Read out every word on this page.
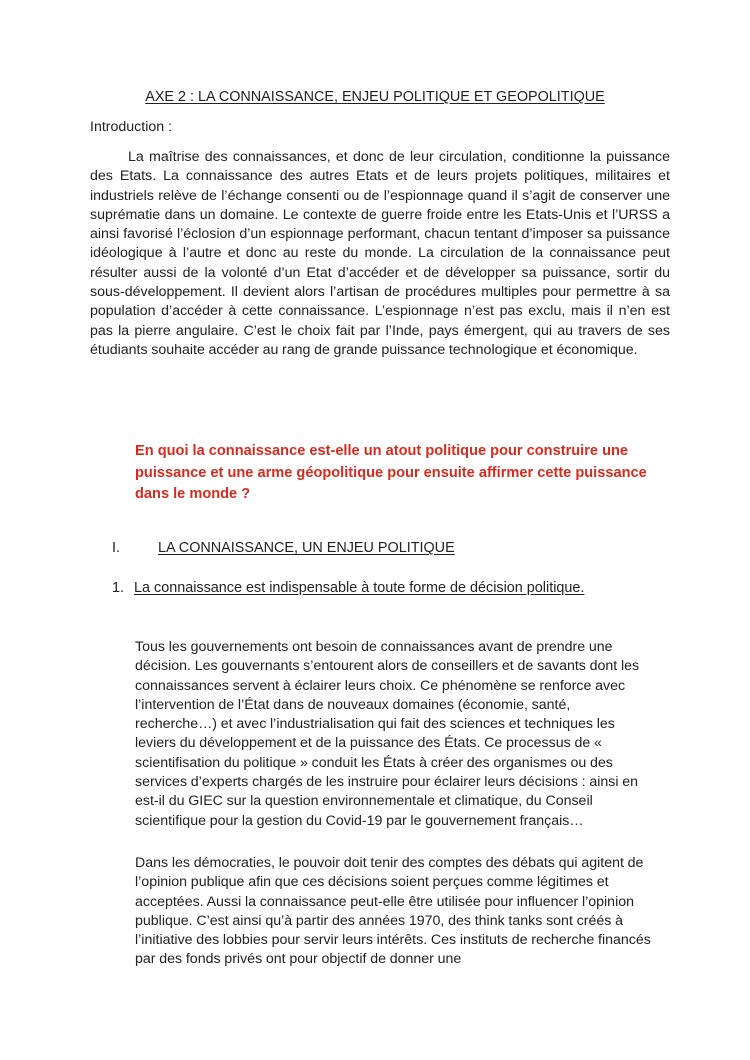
AXE 2 : LA CONNAISSANCE, ENJEU POLITIQUE ET GEOPOLITIQUE

Introduction :

La maîtrise des connaissances, et donc de leur circulation, conditionne la puissance des Etats. La connaissance des autres Etats et de leurs projets politiques, militaires et industriels relève de l’échange consenti ou de l’espionnage quand il s’agit de conserver une suprématie dans un domaine. Le contexte de guerre froide entre les Etats-Unis et l’URSS a ainsi favorisé l’éclosion d’un espionnage performant, chacun tentant d’imposer sa puissance idéologique à l’autre et donc au reste du monde. La circulation de la connaissance peut résulter aussi de la volonté d’un Etat d’accéder et de développer sa puissance, sortir du sous-développement. Il devient alors l’artisan de procédures multiples pour permettre à sa population d’accéder à cette connaissance. L’espionnage n’est pas exclu, mais il n’en est pas la pierre angulaire. C’est le choix fait par l’Inde, pays émergent, qui au travers de ses étudiants souhaite accéder au rang de grande puissance technologique et économique.

En quoi la connaissance est-elle un atout politique pour construire une puissance et une arme géopolitique pour ensuite affirmer cette puissance dans le monde ?

I.	LA CONNAISSANCE, UN ENJEU POLITIQUE
1. La connaissance est indispensable à toute forme de décision politique.

Tous les gouvernements ont besoin de connaissances avant de prendre une décision. Les gouvernants s’entourent alors de conseillers et de savants dont les connaissances servent à éclairer leurs choix. Ce phénomène se renforce avec l’intervention de l’État dans de nouveaux domaines (économie, santé, recherche…) et avec l’industrialisation qui fait des sciences et techniques les leviers du développement et de la puissance des États. Ce processus de « scientifisation du politique » conduit les États à créer des organismes ou des services d’experts chargés de les instruire pour éclairer leurs décisions : ainsi en est-il du GIEC sur la question environnementale et climatique, du Conseil scientifique pour la gestion du Covid-19 par le gouvernement français…

Dans les démocraties, le pouvoir doit tenir des comptes des débats qui agitent de l’opinion publique afin que ces décisions soient perçues comme légitimes et acceptées. Aussi la connaissance peut-elle être utilisée pour influencer l’opinion publique. C’est ainsi qu’à partir des années 1970, des think tanks sont créés à l’initiative des lobbies pour servir leurs intérêts. Ces instituts de recherche financés par des fonds privés ont pour objectif de donner une
